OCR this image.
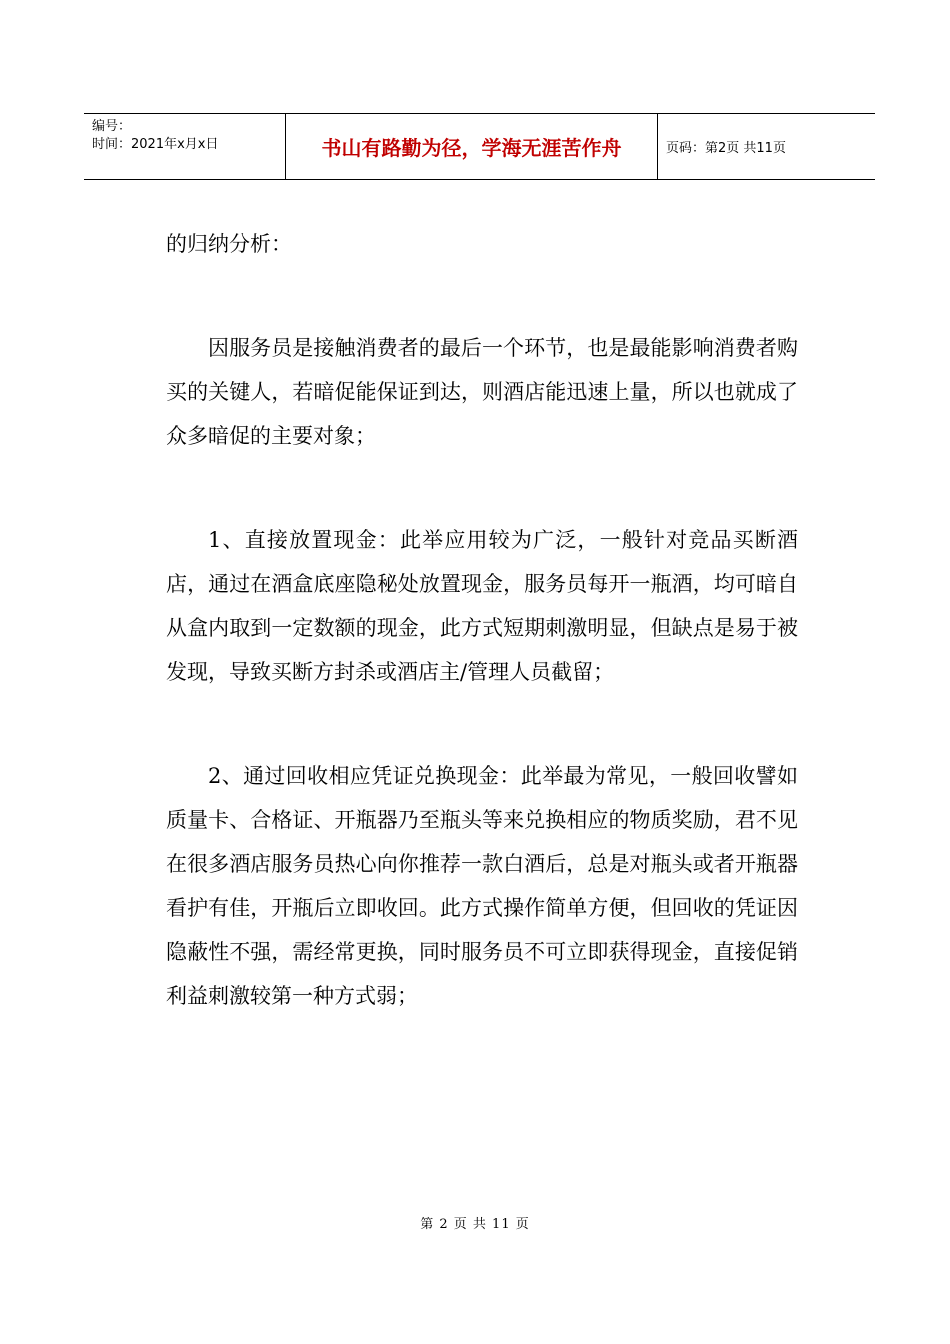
编号：
时间：2021年x月x日	书山有路勤为径，学海无涯苦作舟	页码：第2页 共11页

的归纳分析：

因服务员是接触消费者的最后一个环节，也是最能影响消费者购买的关键人，若暗促能保证到达，则酒店能迅速上量，所以也就成了众多暗促的主要对象；

1、直接放置现金：此举应用较为广泛，一般针对竞品买断酒店，通过在酒盒底座隐秘处放置现金，服务员每开一瓶酒，均可暗自从盒内取到一定数额的现金，此方式短期刺激明显，但缺点是易于被发现，导致买断方封杀或酒店主/管理人员截留；

2、通过回收相应凭证兑换现金：此举最为常见，一般回收譬如质量卡、合格证、开瓶器乃至瓶头等来兑换相应的物质奖励，君不见在很多酒店服务员热心向你推荐一款白酒后，总是对瓶头或者开瓶器看护有佳，开瓶后立即收回。此方式操作简单方便，但回收的凭证因隐蔽性不强，需经常更换，同时服务员不可立即获得现金，直接促销利益刺激较第一种方式弱；

第 2 页 共 11 页
